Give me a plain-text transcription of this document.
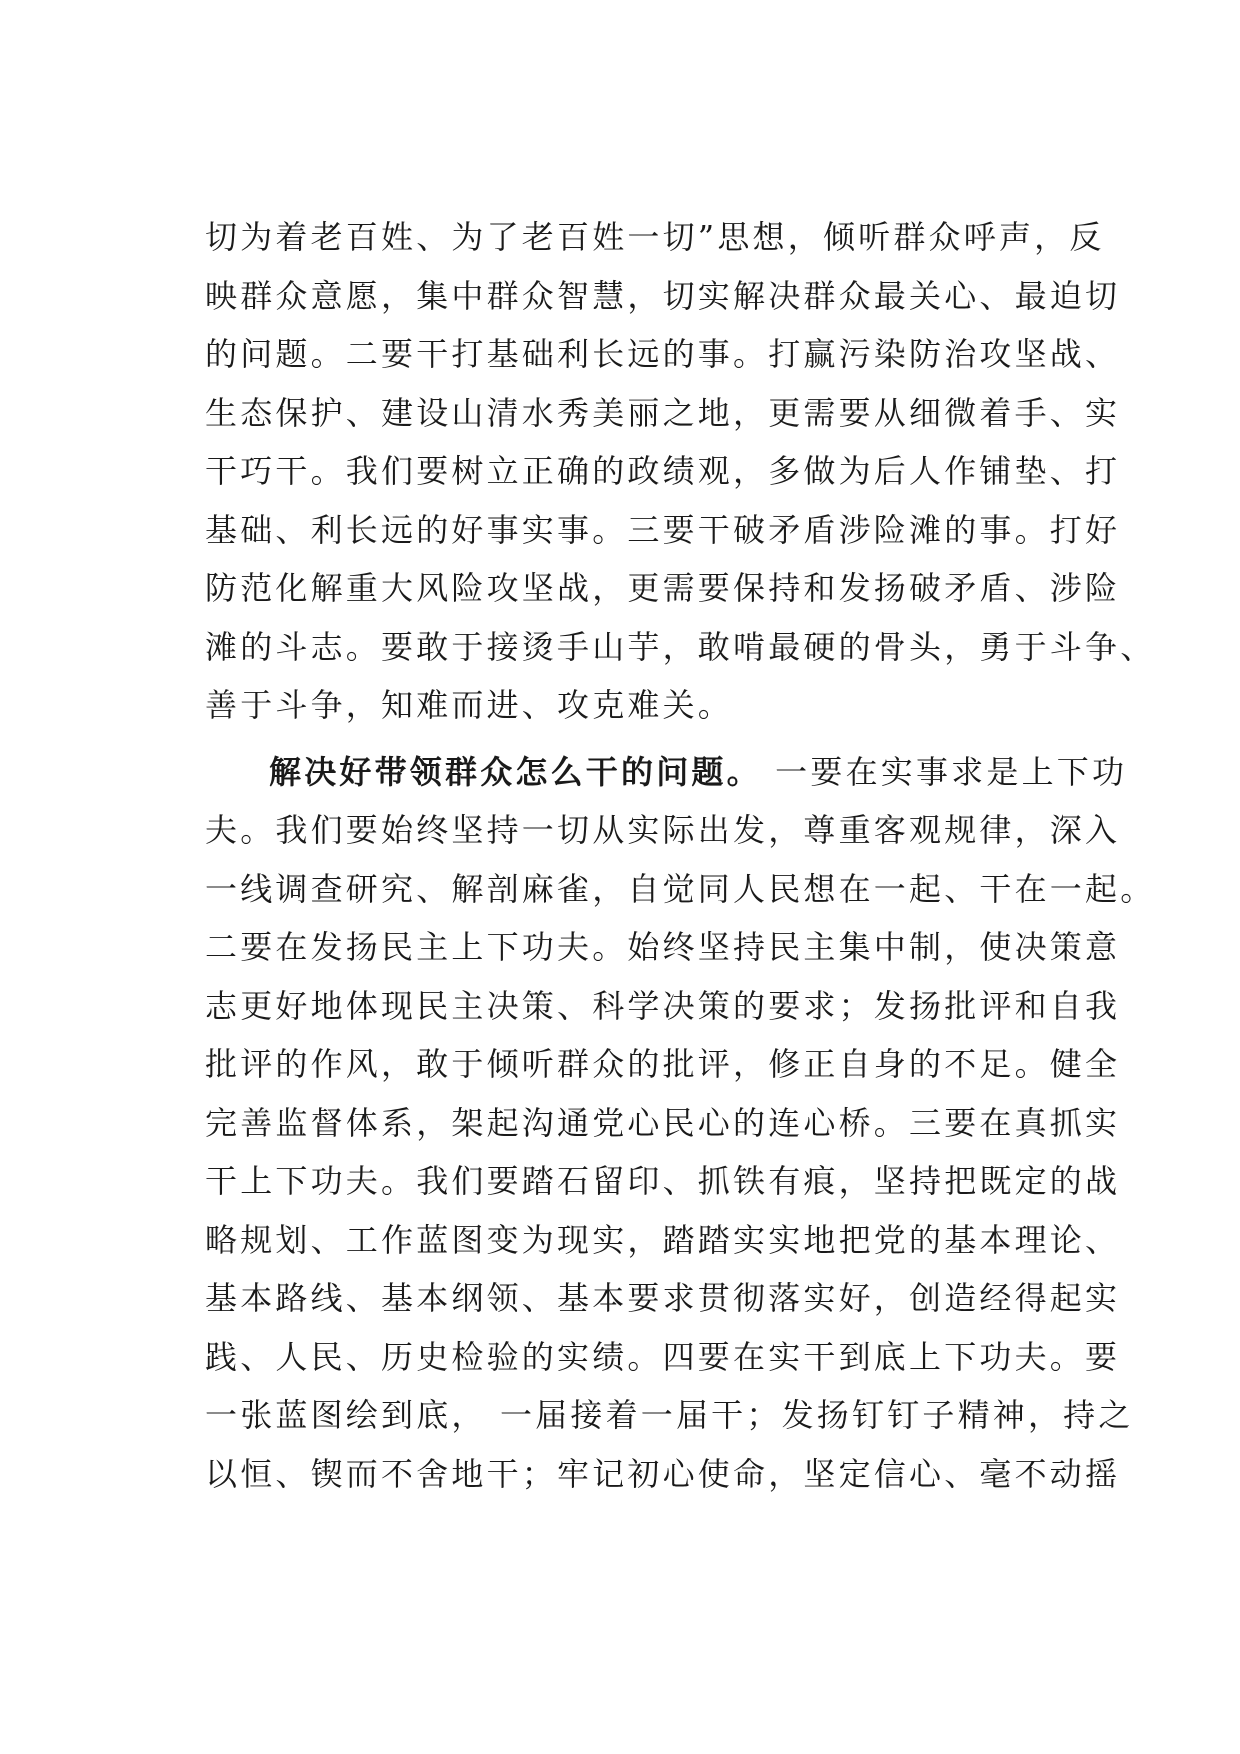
切为着老百姓、为了老百姓一切”思想，倾听群众呼声，反
映群众意愿，集中群众智慧，切实解决群众最关心、最迫切
的问题。二要干打基础利长远的事。打赢污染防治攻坚战、
生态保护、建设山清水秀美丽之地，更需要从细微着手、实
干巧干。我们要树立正确的政绩观，多做为后人作铺垫、打
基础、利长远的好事实事。三要干破矛盾涉险滩的事。打好
防范化解重大风险攻坚战，更需要保持和发扬破矛盾、涉险
滩的斗志。要敢于接烫手山芋，敢啃最硬的骨头，勇于斗争、
善于斗争，知难而进、攻克难关。
解决好带领群众怎么干的问题。 一要在实事求是上下功
夫。我们要始终坚持一切从实际出发，尊重客观规律，深入
一线调查研究、解剖麻雀，自觉同人民想在一起、干在一起。
二要在发扬民主上下功夫。始终坚持民主集中制，使决策意
志更好地体现民主决策、科学决策的要求；发扬批评和自我
批评的作风，敢于倾听群众的批评，修正自身的不足。健全
完善监督体系，架起沟通党心民心的连心桥。三要在真抓实
干上下功夫。我们要踏石留印、抓铁有痕，坚持把既定的战
略规划、工作蓝图变为现实，踏踏实实地把党的基本理论、
基本路线、基本纲领、基本要求贯彻落实好，创造经得起实
践、人民、历史检验的实绩。四要在实干到底上下功夫。要
一张蓝图绘到底， 一届接着一届干；发扬钉钉子精神，持之
以恒、锲而不舍地干；牢记初心使命，坚定信心、毫不动摇
